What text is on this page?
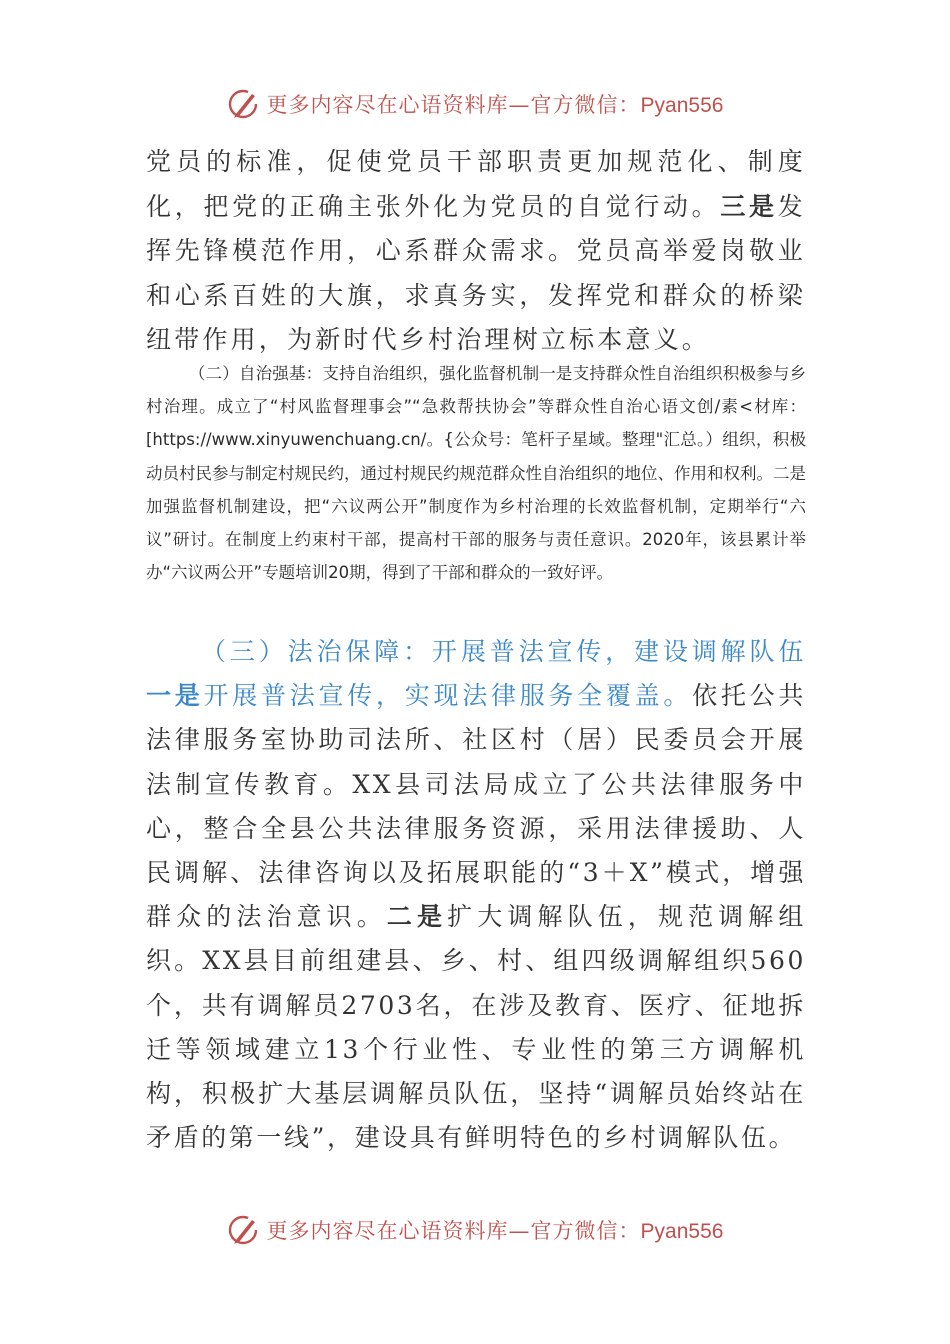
更多内容尽在心语资料库—官方微信：Pyan556

党员的标准，促使党员干部职责更加规范化、制度化，把党的正确主张外化为党员的自觉行动。三是发挥先锋模范作用，心系群众需求。党员高举爱岗敬业和心系百姓的大旗，求真务实，发挥党和群众的桥梁纽带作用，为新时代乡村治理树立标本意义。

（二）自治强基：支持自治组织，强化监督机制一是支持群众性自治组织积极参与乡村治理。成立了“村风监督理事会”“急救帮扶协会”等群众性自治心语文创/素<材库：[https://www.xinyuwenchuang.cn/。{公众号：笔杆子星域。整理"汇总。）组织，积极动员村民参与制定村规民约，通过村规民约规范群众性自治组织的地位、作用和权利。二是加强监督机制建设，把“六议两公开”制度作为乡村治理的长效监督机制，定期举行“六议”研讨。在制度上约束村干部，提高村干部的服务与责任意识。2020年，该县累计举办“六议两公开”专题培训20期，得到了干部和群众的一致好评。

（三）法治保障：开展普法宣传，建设调解队伍一是开展普法宣传，实现法律服务全覆盖。依托公共法律服务室协助司法所、社区村（居）民委员会开展法制宣传教育。XX县司法局成立了公共法律服务中心，整合全县公共法律服务资源，采用法律援助、人民调解、法律咨询以及拓展职能的“3＋X”模式，增强群众的法治意识。二是扩大调解队伍，规范调解组织。XX县目前组建县、乡、村、组四级调解组织560个，共有调解员2703名，在涉及教育、医疗、征地拆迁等领域建立13个行业性、专业性的第三方调解机构，积极扩大基层调解员队伍，坚持“调解员始终站在矛盾的第一线”，建设具有鲜明特色的乡村调解队伍。

更多内容尽在心语资料库—官方微信：Pyan556
